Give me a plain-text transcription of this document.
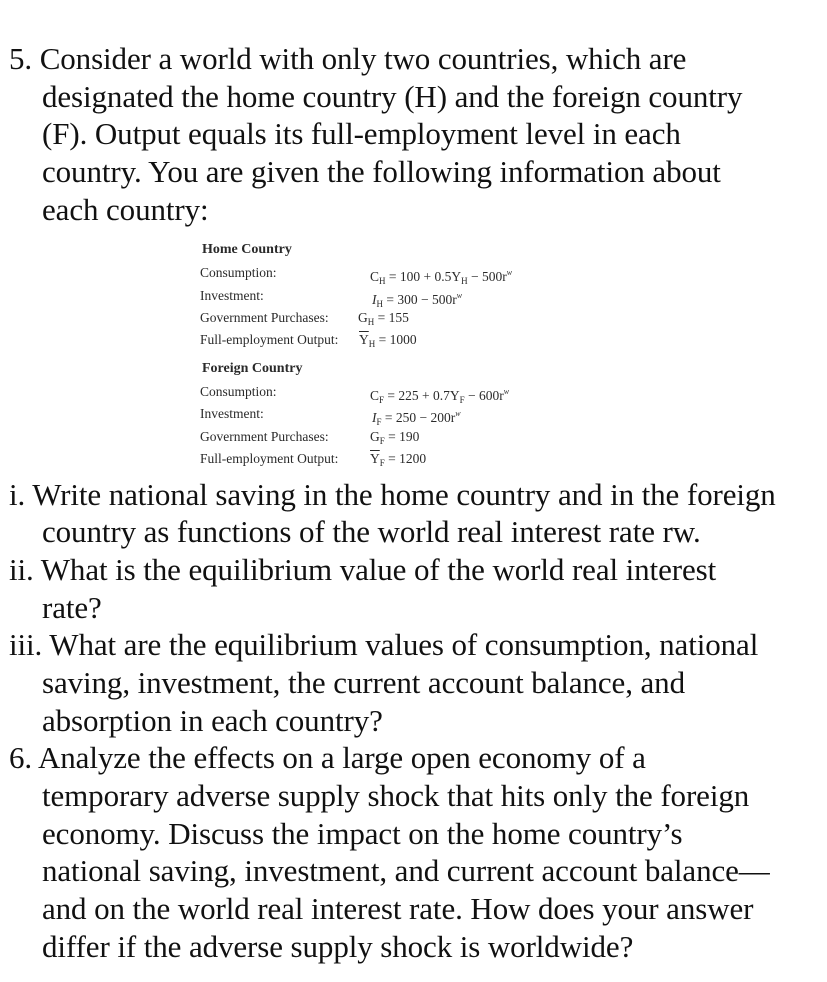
5. Consider a world with only two countries, which are
designated the home country (H) and the foreign country
(F). Output equals its full-employment level in each
country. You are given the following information about
each country:
Home Country
Consumption:	$C_H = 100 + 0.5Y_H - 500r^w$
Investment:	$I_H = 300 - 500r^w$
Government Purchases: $G_H = 155$
Full-employment Output: $\overline{Y}_H = 1000$
Foreign Country
Consumption:	$C_F = 225 + 0.7Y_F - 600r^w$
Investment:	$I_F = 250 - 200r^w$
Government Purchases:	$G_F = 190$
Full-employment Output: $\overline{Y}_F = 1200$
i. Write national saving in the home country and in the foreign
country as functions of the world real interest rate rw.
ii. What is the equilibrium value of the world real interest
rate?
iii. What are the equilibrium values of consumption, national
saving, investment, the current account balance, and
absorption in each country?
6. Analyze the effects on a large open economy of a
temporary adverse supply shock that hits only the foreign
economy. Discuss the impact on the home country’s
national saving, investment, and current account balance—
and on the world real interest rate. How does your answer
differ if the adverse supply shock is worldwide?
